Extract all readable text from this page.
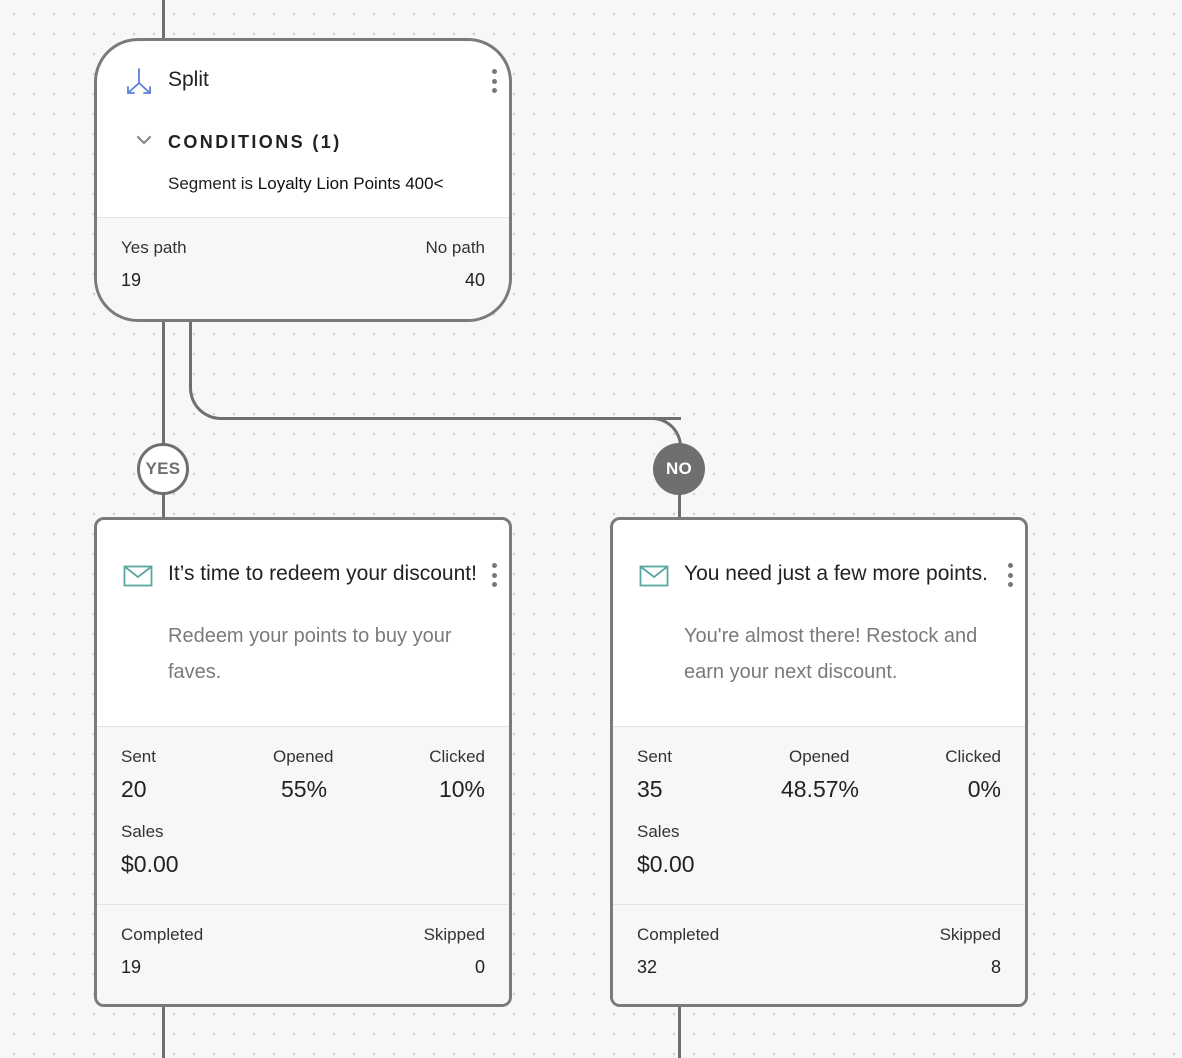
YES	NO
Split
CONDITIONS (1)
Segment is Loyalty Lion Points 400<
Yes path
19
No path
40
It’s time to redeem your discount!
Redeem your points to buy your faves.
Sent
20
Opened
55%
Clicked
10%
Sales
$0.00
Completed
19
Skipped
0
You need just a few more points.
You're almost there! Restock and earn your next discount.
Sent
35
Opened
48.57%
Clicked
0%
Sales
$0.00
Completed
32
Skipped
8
